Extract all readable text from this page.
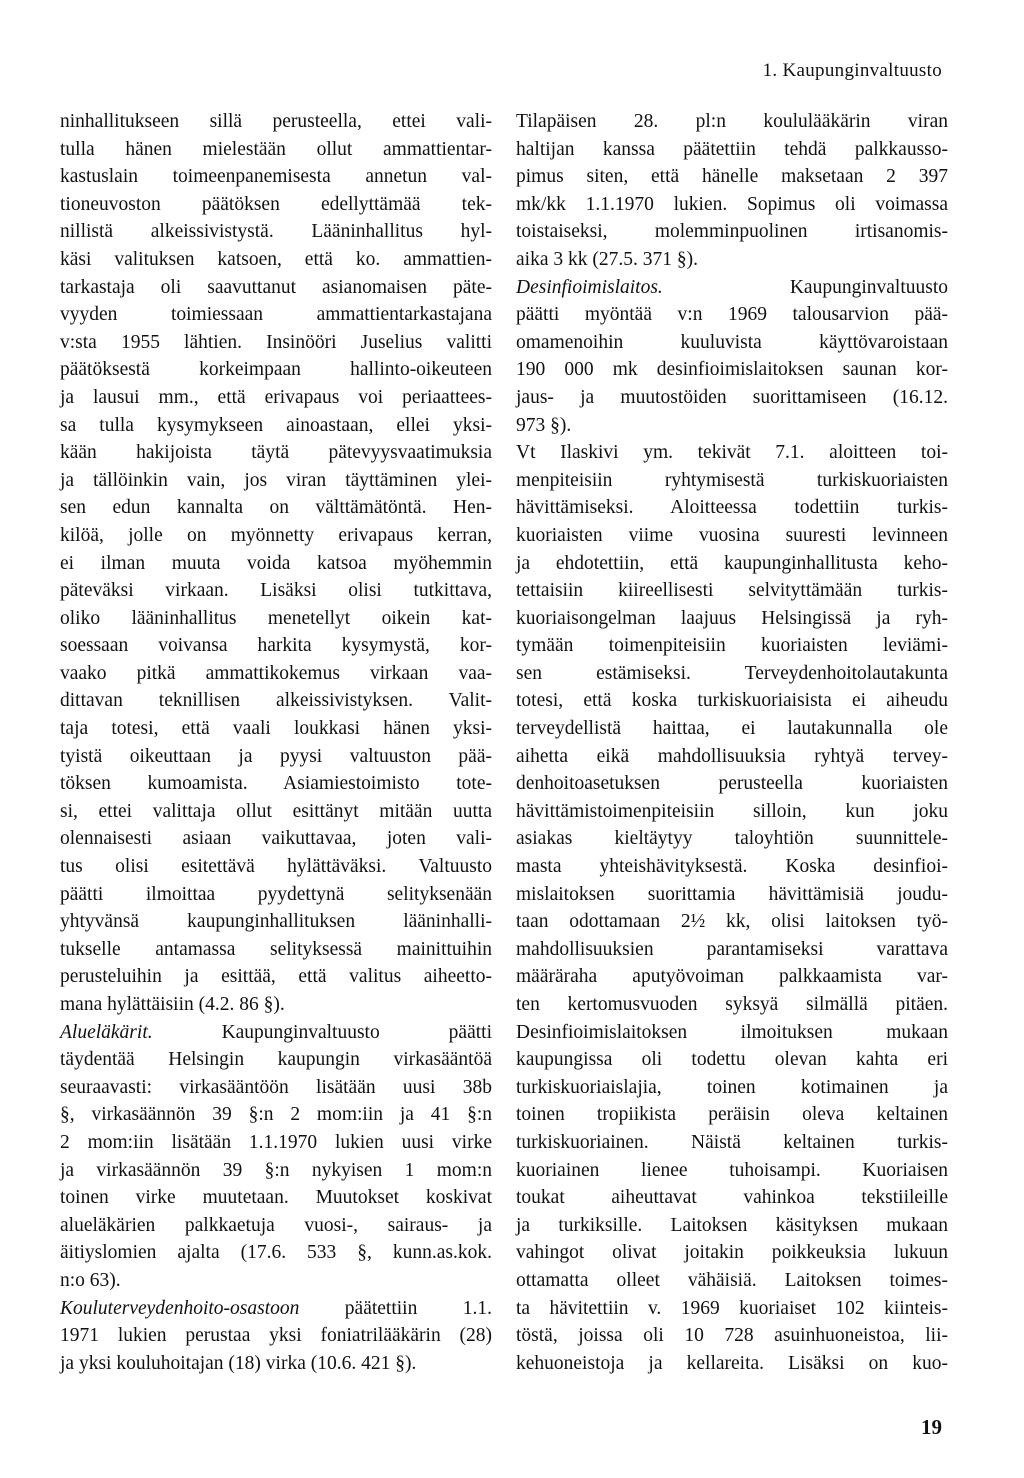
1. Kaupunginvaltuusto
ninhallitukseen sillä perusteella, ettei vali-
tulla hänen mielestään ollut ammattientar-
kastuslain toimeenpanemisesta annetun val-
tioneuvoston päätöksen edellyttämää tek-
nillistä alkeissivistystä. Lääninhallitus hyl-
käsi valituksen katsoen, että ko. ammattien-
tarkastaja oli saavuttanut asianomaisen päte-
vyyden toimiessaan ammattientarkastajana
v:sta 1955 lähtien. Insinööri Juselius valitti
päätöksestä korkeimpaan hallinto-oikeuteen
ja lausui mm., että erivapaus voi periaattees-
sa tulla kysymykseen ainoastaan, ellei yksi-
kään hakijoista täytä pätevyysvaatimuksia
ja tällöinkin vain, jos viran täyttäminen ylei-
sen edun kannalta on välttämätöntä. Hen-
kilöä, jolle on myönnetty erivapaus kerran,
ei ilman muuta voida katsoa myöhemmin
päteväksi virkaan. Lisäksi olisi tutkittava,
oliko lääninhallitus menetellyt oikein kat-
soessaan voivansa harkita kysymystä, kor-
vaako pitkä ammattikokemus virkaan vaa-
dittavan teknillisen alkeissivistyksen. Valit-
taja totesi, että vaali loukkasi hänen yksi-
tyistä oikeuttaan ja pyysi valtuuston pää-
töksen kumoamista. Asiamiestoimisto tote-
si, ettei valittaja ollut esittänyt mitään uutta
olennaisesti asiaan vaikuttavaa, joten vali-
tus olisi esitettävä hylättäväksi. Valtuusto
päätti ilmoittaa pyydettynä selityksenään
yhtyvänsä kaupunginhallituksen lääninhalli-
tukselle antamassa selityksessä mainittuihin
perusteluihin ja esittää, että valitus aiheetto-
mana hylättäisiin (4.2. 86 §).
Alueläkärit. Kaupunginvaltuusto päätti
täydentää Helsingin kaupungin virkasääntöä
seuraavasti: virkasääntöön lisätään uusi 38b
§, virkasäännön 39 §:n 2 mom:iin ja 41 §:n
2 mom:iin lisätään 1.1.1970 lukien uusi virke
ja virkasäännön 39 §:n nykyisen 1 mom:n
toinen virke muutetaan. Muutokset koskivat
alueläkärien palkkaetuja vuosi-, sairaus- ja
äitiyslomien ajalta (17.6. 533 §, kunn.as.kok.
n:o 63).
Kouluterveydenhoito-osastoon päätettiin 1.1.
1971 lukien perustaa yksi foniatrilääkärin (28)
ja yksi kouluhoitajan (18) virka (10.6. 421 §).
Tilapäisen 28. pl:n koululääkärin viran
haltijan kanssa päätettiin tehdä palkkausso-
pimus siten, että hänelle maksetaan 2 397
mk/kk 1.1.1970 lukien. Sopimus oli voimassa
toistaiseksi, molemminpuolinen irtisanomis-
aika 3 kk (27.5. 371 §).
Desinfioimislaitos. Kaupunginvaltuusto
päätti myöntää v:n 1969 talousarvion pää-
omamenoihin kuuluvista käyttövaroistaan
190 000 mk desinfioimislaitoksen saunan kor-
jaus- ja muutostöiden suorittamiseen (16.12.
973 §).
Vt Ilaskivi ym. tekivät 7.1. aloitteen toi-
menpiteisiin ryhtymisestä turkiskuoriaisten
hävittämiseksi. Aloitteessa todettiin turkis-
kuoriaisten viime vuosina suuresti levinneen
ja ehdotettiin, että kaupunginhallitusta keho-
tettaisiin kiireellisesti selvityttämään turkis-
kuoriaisongelman laajuus Helsingissä ja ryh-
tymään toimenpiteisiin kuoriaisten leviämi-
sen estämiseksi. Terveydenhoitolautakunta
totesi, että koska turkiskuoriaisista ei aiheudu
terveydellistä haittaa, ei lautakunnalla ole
aihetta eikä mahdollisuuksia ryhtyä tervey-
denhoitoasetuksen perusteella kuoriaisten
hävittämistoimenpiteisiin silloin, kun joku
asiakas kieltäytyy taloyhtiön suunnittele-
masta yhteishävityksestä. Koska desinfioi-
mislaitoksen suorittamia hävittämisiä joudu-
taan odottamaan 2½ kk, olisi laitoksen työ-
mahdollisuuksien parantamiseksi varattava
määräraha aputyövoiman palkkaamista var-
ten kertomusvuoden syksyä silmällä pitäen.
Desinfioimislaitoksen ilmoituksen mukaan
kaupungissa oli todettu olevan kahta eri
turkiskuoriaislajia, toinen kotimainen ja
toinen tropiikista peräisin oleva keltainen
turkiskuoriainen. Näistä keltainen turkis-
kuoriainen lienee tuhoisampi. Kuoriaisen
toukat aiheuttavat vahinkoa tekstiileille
ja turkiksille. Laitoksen käsityksen mukaan
vahingot olivat joitakin poikkeuksia lukuun
ottamatta olleet vähäisiä. Laitoksen toimes-
ta hävitettiin v. 1969 kuoriaiset 102 kiinteis-
töstä, joissa oli 10 728 asuinhuoneistoa, lii-
kehuoneistoja ja kellareita. Lisäksi on kuo-
19
